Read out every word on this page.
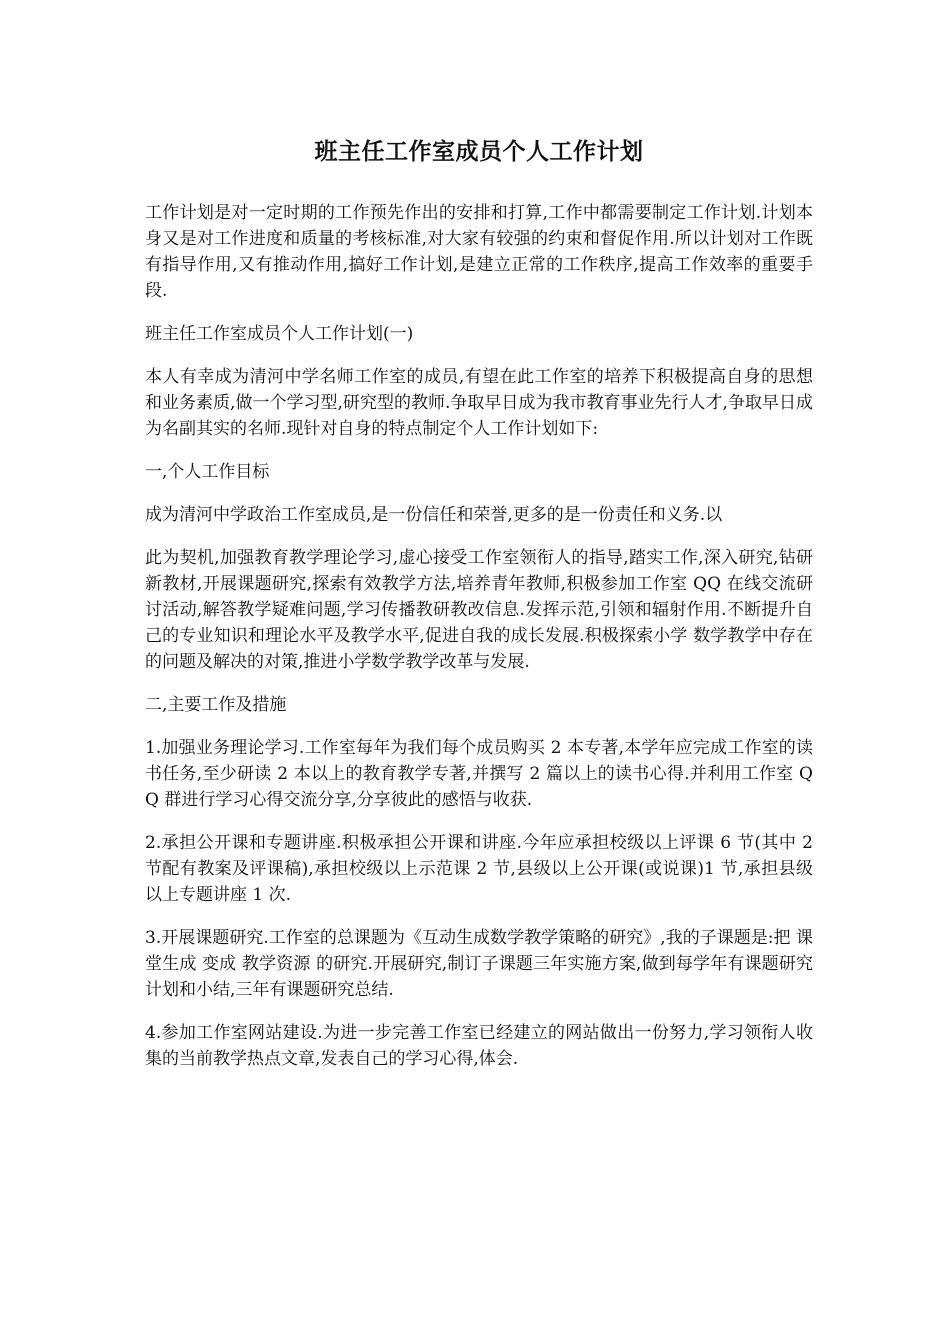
班主任工作室成员个人工作计划

工作计划是对一定时期的工作预先作出的安排和打算,工作中都需要制定工作计划.计划本身又是对工作进度和质量的考核标准,对大家有较强的约束和督促作用.所以计划对工作既有指导作用,又有推动作用,搞好工作计划,是建立正常的工作秩序,提高工作效率的重要手段.

班主任工作室成员个人工作计划(一)

本人有幸成为清河中学名师工作室的成员,有望在此工作室的培养下积极提高自身的思想和业务素质,做一个学习型,研究型的教师.争取早日成为我市教育事业先行人才,争取早日成为名副其实的名师.现针对自身的特点制定个人工作计划如下:

一,个人工作目标

成为清河中学政治工作室成员,是一份信任和荣誉,更多的是一份责任和义务.以

此为契机,加强教育教学理论学习,虚心接受工作室领衔人的指导,踏实工作,深入研究,钻研新教材,开展课题研究,探索有效教学方法,培养青年教师,积极参加工作室 QQ 在线交流研讨活动,解答教学疑难问题,学习传播教研教改信息.发挥示范,引领和辐射作用.不断提升自己的专业知识和理论水平及教学水平,促进自我的成长发展.积极探索小学 数学教学中存在的问题及解决的对策,推进小学数学教学改革与发展.

二,主要工作及措施

1.加强业务理论学习.工作室每年为我们每个成员购买 2 本专著,本学年应完成工作室的读书任务,至少研读 2 本以上的教育教学专著,并撰写 2 篇以上的读书心得.并利用工作室 QQ 群进行学习心得交流分享,分享彼此的感悟与收获.

2.承担公开课和专题讲座.积极承担公开课和讲座.今年应承担校级以上评课 6 节(其中 2 节配有教案及评课稿),承担校级以上示范课 2 节,县级以上公开课(或说课)1 节,承担县级以上专题讲座 1 次.

3.开展课题研究.工作室的总课题为《互动生成数学教学策略的研究》,我的子课题是:把 课堂生成 变成 教学资源 的研究.开展研究,制订子课题三年实施方案,做到每学年有课题研究计划和小结,三年有课题研究总结.

4.参加工作室网站建设.为进一步完善工作室已经建立的网站做出一份努力,学习领衔人收集的当前教学热点文章,发表自己的学习心得,体会.
